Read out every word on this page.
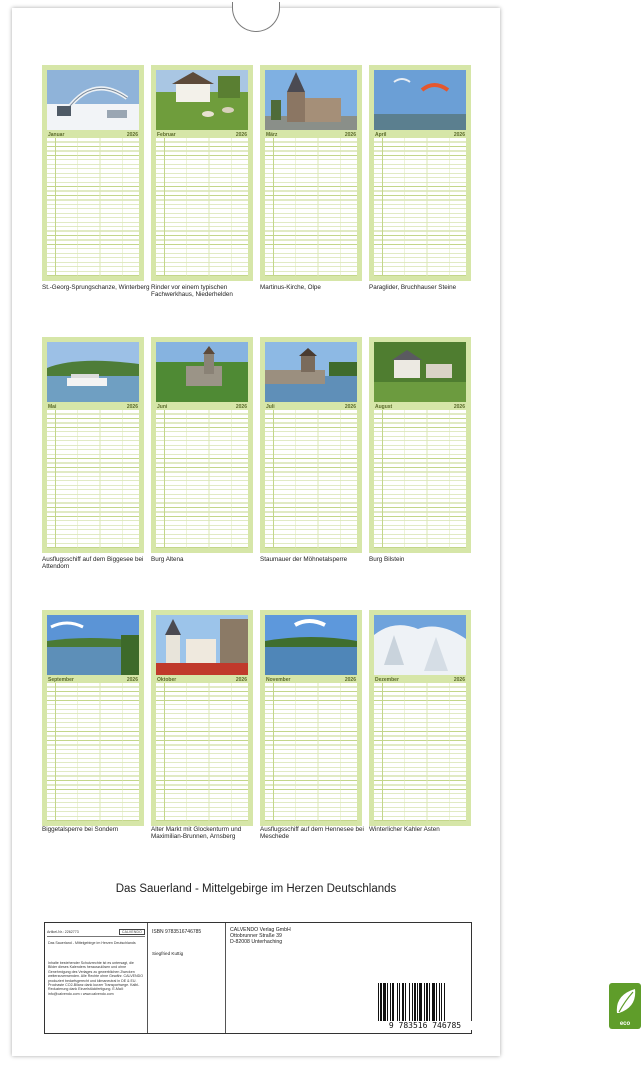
Januar	2026
St.-Georg-Sprungschanze, Winterberg
Februar	2026
Rinder vor einem typischen Fachwerkhaus, Niederhelden
März	2026
Martinus-Kirche, Olpe
April	2026
Paraglider, Bruchhauser Steine
Mai	2026
Ausflugsschiff auf dem Biggesee bei Attendorn
Juni	2026
Burg Altena
Juli	2026
Staumauer der Möhnetalsperre
August	2026
Burg Bilstein
September	2026
Biggetalsperre bei Sondern
Oktober	2026
Alter Markt mit Glockenturm und Maximilian-Brunnen, Arnsberg
November	2026
Ausflugsschiff auf dem Hennesee bei Meschede
Dezember	2026
Winterlicher Kahler Asten
Das Sauerland - Mittelgebirge im Herzen Deutschlands
Artikel-Nr.: 2262773	CALVENDO
Das Sauerland - Mittelgebirge im Herzen Deutschlands
Inhalte bestehender Schutzrechte ist es untersagt, die Bilder dieses Kalenders herauszulösen und ohne Genehmigung des Verlages zu gewerblichen Zwecken weiterzuverwenden. Alle Rechte ohne Gewähr. CALVENDO produziert bedarfsgerecht und klimaneutral in DE & EU. Prochaste CO2-Bilanz dank kurzer Transportwege. Kalbl-Reduzierung dank Einzelstückfertigung. E-Mail: info@calvendo.com • www.calvendo.com
ISBN 9783516746785
Siegfried Kuttig
CALVENDO Verlag GmbH
Ottobrunner Straße 39
D-82008 Unterhaching
9 783516 746785	eco
